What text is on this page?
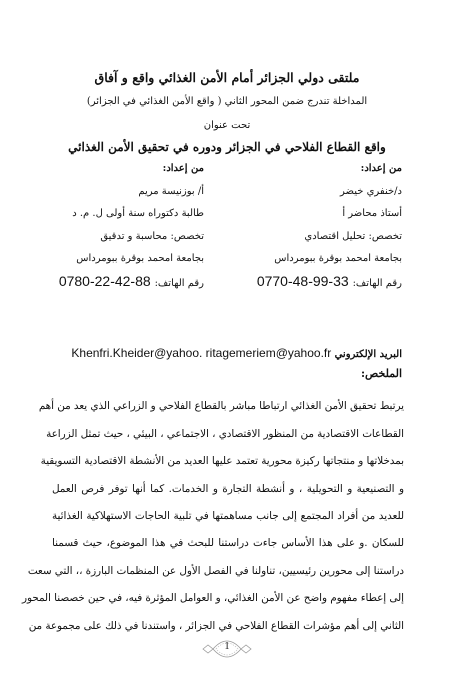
ملتقى دولي الجزائر أمام الأمن الغذائي واقع و آفاق
المداخلة تندرج ضمن المحور الثاني ( واقع الأمن الغذائي في الجزائر)
تحت عنوان
واقع القطاع الفلاحي في الجزائر ودوره في تحقيق الأمن الغذائي
من إعداد:
د/خنفري خيضر
أستاذ محاضر أ
تخصص: تحليل اقتصادي
بجامعة امحمد بوقرة ببومرداس
رقم الهاتف: 0770-48-99-33
من إعداد:
أ/ بوزنيسة مريم
طالبة دكتوراه سنة أولى ل. م. د
تخصص: محاسبة و تدقيق
بجامعة امحمد بوقرة ببومرداس
رقم الهاتف: 0780-22-42-88
البريد الإلكتروني Khenfri.Kheider@yahoo. ritagemeriem@yahoo.fr
الملخص:
يرتبط تحقيق الأمن الغذائي ارتباطا مباشر بالقطاع الفلاحي و الزراعي الذي يعد من أهم
القطاعات الاقتصادية من المنظور الاقتصادي ، الاجتماعي ، البيئي ، حيث تمثل الزراعة
بمدخلاتها و منتجاتها ركيزة محورية تعتمد عليها العديد من الأنشطة الاقتصادية التسويقية
و التصنيعية و التحويلية ، و أنشطة التجارة و الخدمات. كما أنها توفر فرص العمل
للعديد من أفراد المجتمع إلى جانب مساهمتها في تلبية الحاجات الاستهلاكية الغذائية
للسكان .و على هذا الأساس جاءت دراستنا للبحث في هذا الموضوع، حيث قسمنا
دراستنا إلى محورين رئيسيين، تناولنا في الفصل الأول عن المنظمات البارزة ،، التي سعت
إلى إعطاء مفهوم واضح عن الأمن الغذائي، و العوامل المؤثرة فيه، في حين خصصنا المحور
الثاني إلى أهم مؤشرات القطاع الفلاحي في الجزائر ، واستندنا في ذلك على مجموعة من
1
